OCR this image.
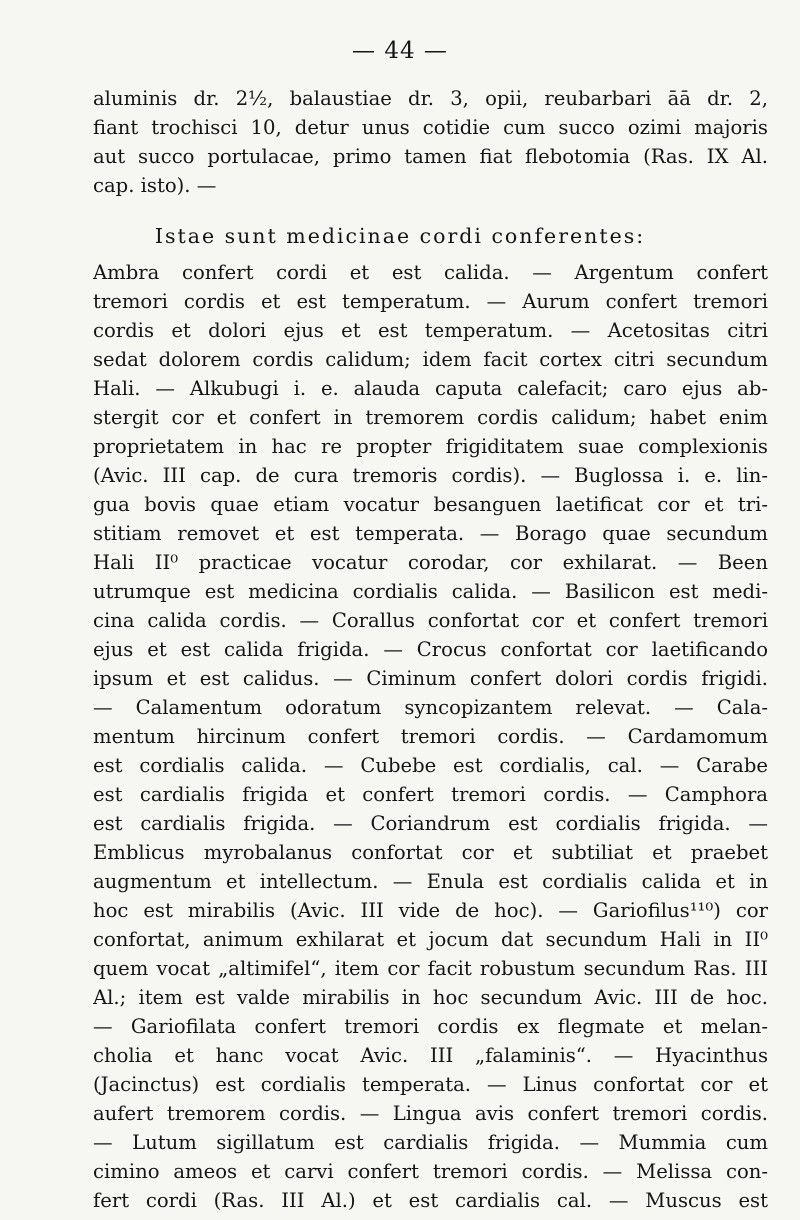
— 44 —
aluminis dr. 2½, balaustiae dr. 3, opii, reubarbari āā dr. 2,
fiant trochisci 10, detur unus cotidie cum succo ozimi majoris
aut succo portulacae, primo tamen fiat flebotomia (Ras. IX Al.
cap. isto). —
Istae sunt medicinae cordi conferentes:
Ambra confert cordi et est calida. — Argentum confert
tremori cordis et est temperatum. — Aurum confert tremori
cordis et dolori ejus et est temperatum. — Acetositas citri
sedat dolorem cordis calidum; idem facit cortex citri secundum
Hali. — Alkubugi i. e. alauda caputa calefacit; caro ejus ab-
stergit cor et confert in tremorem cordis calidum; habet enim
proprietatem in hac re propter frigiditatem suae complexionis
(Avic. III cap. de cura tremoris cordis). — Buglossa i. e. lin-
gua bovis quae etiam vocatur besanguen laetificat cor et tri-
stitiam removet et est temperata. — Borago quae secundum
Hali II⁰ practicae vocatur corodar, cor exhilarat. — Been
utrumque est medicina cordialis calida. — Basilicon est medi-
cina calida cordis. — Corallus confortat cor et confert tremori
ejus et est calida frigida. — Crocus confortat cor laetificando
ipsum et est calidus. — Ciminum confert dolori cordis frigidi.
— Calamentum odoratum syncopizantem relevat. — Cala-
mentum hircinum confert tremori cordis. — Cardamomum
est cordialis calida. — Cubebe est cordialis, cal. — Carabe
est cardialis frigida et confert tremori cordis. — Camphora
est cardialis frigida. — Coriandrum est cordialis frigida. —
Emblicus myrobalanus confortat cor et subtiliat et praebet
augmentum et intellectum. — Enula est cordialis calida et in
hoc est mirabilis (Avic. III vide de hoc). — Gariofilus¹¹⁰) cor
confortat, animum exhilarat et jocum dat secundum Hali in II⁰
quem vocat „altimifel“, item cor facit robustum secundum Ras. III
Al.; item est valde mirabilis in hoc secundum Avic. III de hoc.
— Gariofilata confert tremori cordis ex flegmate et melan-
cholia et hanc vocat Avic. III „falaminis“. — Hyacinthus
(Jacinctus) est cordialis temperata. — Linus confortat cor et
aufert tremorem cordis. — Lingua avis confert tremori cordis.
— Lutum sigillatum est cardialis frigida. — Mummia cum
cimino ameos et carvi confert tremori cordis. — Melissa con-
fert cordi (Ras. III Al.) et est cardialis cal. — Muscus est
